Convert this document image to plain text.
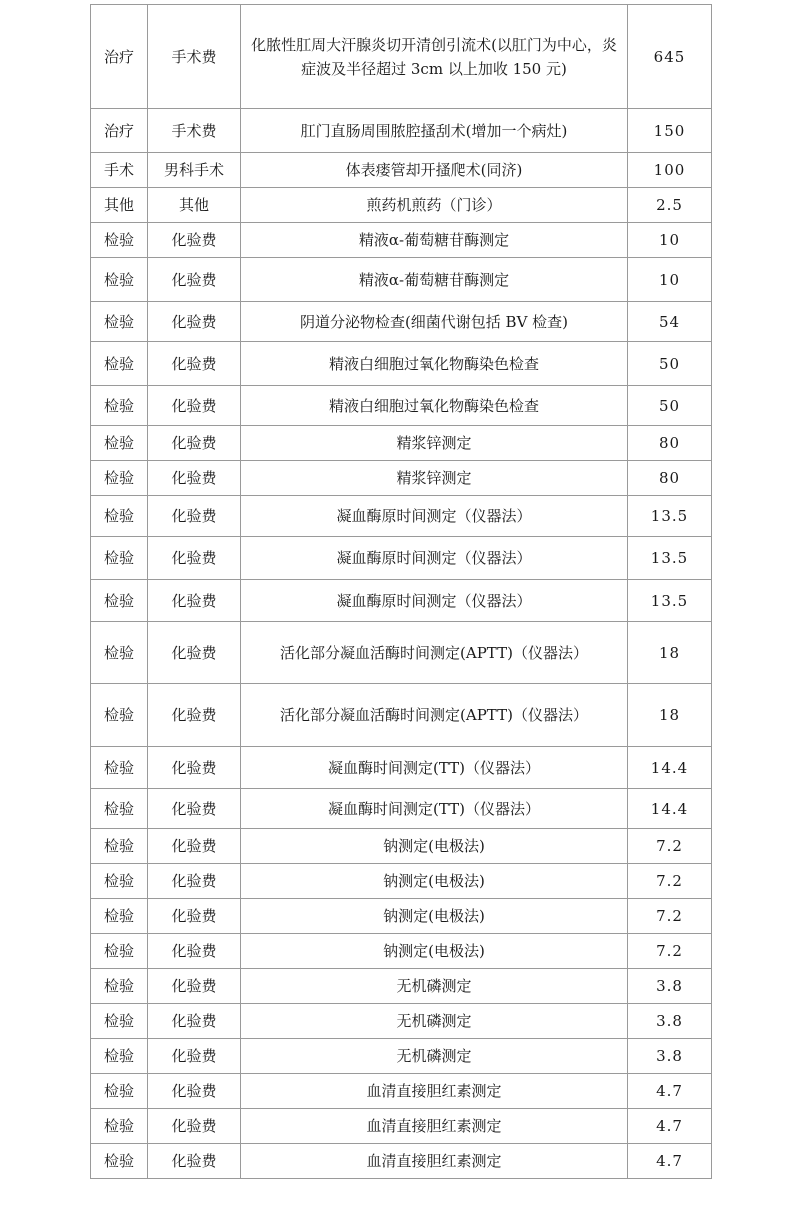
治疗	手术费	化脓性肛周大汗腺炎切开清创引流术(以肛门为中心，炎症波及半径超过 3cm 以上加收 150 元)	645
治疗	手术费	肛门直肠周围脓腔搔刮术(增加一个病灶)	150
手术	男科手术	体表瘘管却开搔爬术(同济)	100
其他	其他	煎药机煎药（门诊）	2.5
检验	化验费	精液α-葡萄糖苷酶测定	10
检验	化验费	精液α-葡萄糖苷酶测定	10
检验	化验费	阴道分泌物检查(细菌代谢包括 BV 检查)	54
检验	化验费	精液白细胞过氧化物酶染色检查	50
检验	化验费	精液白细胞过氧化物酶染色检查	50
检验	化验费	精浆锌测定	80
检验	化验费	精浆锌测定	80
检验	化验费	凝血酶原时间测定（仪器法）	13.5
检验	化验费	凝血酶原时间测定（仪器法）	13.5
检验	化验费	凝血酶原时间测定（仪器法）	13.5
检验	化验费	活化部分凝血活酶时间测定(APTT)（仪器法）	18
检验	化验费	活化部分凝血活酶时间测定(APTT)（仪器法）	18
检验	化验费	凝血酶时间测定(TT)（仪器法）	14.4
检验	化验费	凝血酶时间测定(TT)（仪器法）	14.4
检验	化验费	钠测定(电极法)	7.2
检验	化验费	钠测定(电极法)	7.2
检验	化验费	钠测定(电极法)	7.2
检验	化验费	钠测定(电极法)	7.2
检验	化验费	无机磷测定	3.8
检验	化验费	无机磷测定	3.8
检验	化验费	无机磷测定	3.8
检验	化验费	血清直接胆红素测定	4.7
检验	化验费	血清直接胆红素测定	4.7
检验	化验费	血清直接胆红素测定	4.7
